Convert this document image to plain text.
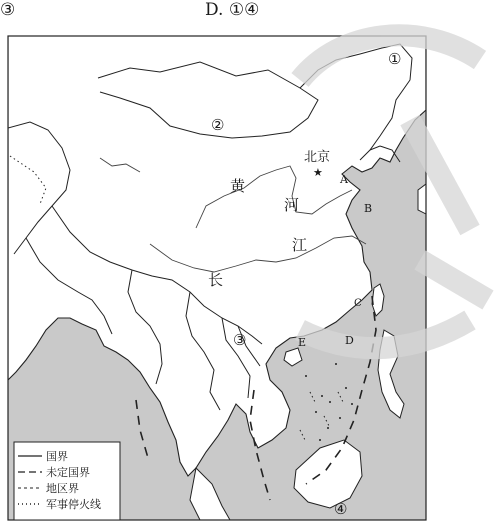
③	D. ①④
①
②
③
④
北京
★
A
B
C
D
E
黄
河
长
江
国界
未定国界
地区界
军事停火线
